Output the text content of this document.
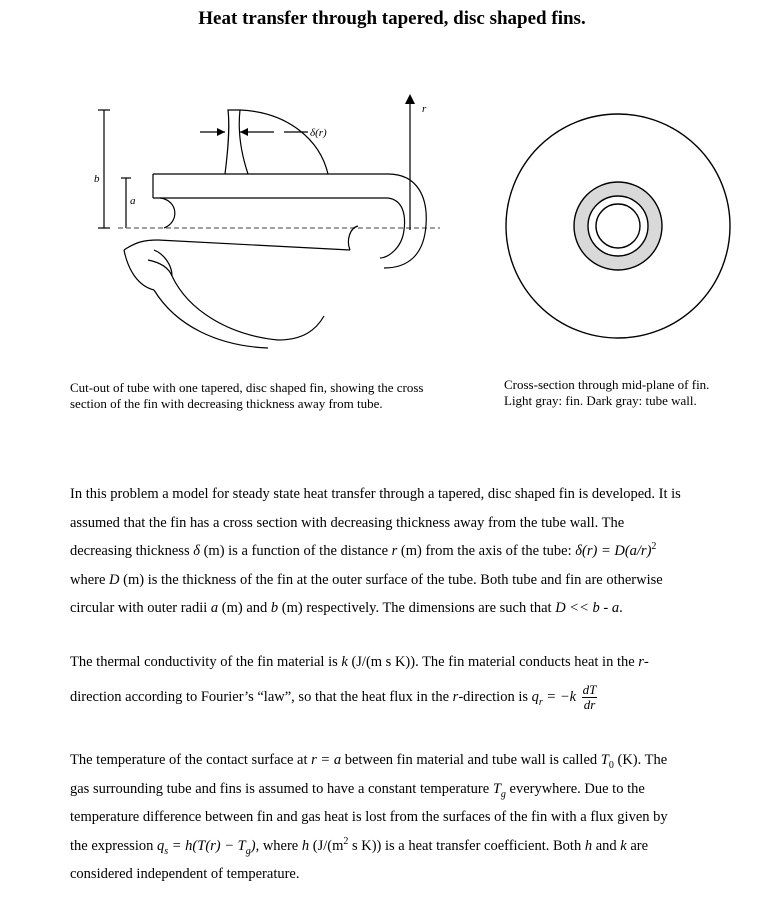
Heat transfer through tapered, disc shaped fins.
δ(r)
r
b
a
Cut-out of tube with one tapered, disc shaped fin, showing the cross
section of the fin with decreasing thickness away from tube.
Cross-section through mid-plane of fin.
Light gray: fin. Dark gray: tube wall.
In this problem a model for steady state heat transfer through a tapered, disc shaped fin is developed. It is
assumed that the fin has a cross section with decreasing thickness away from the tube wall. The
decreasing thickness δ (m) is a function of the distance r (m) from the axis of the tube: $\delta(r) = D(a/r)^2$
where D (m) is the thickness of the fin at the outer surface of the tube. Both tube and fin are otherwise
circular with outer radii a (m) and b (m) respectively. The dimensions are such that D << b - a.
The thermal conductivity of the fin material is k (J/(m s K)). The fin material conducts heat in the r-
direction according to Fourier’s “law”, so that the heat flux in the r-direction is $q_r = -k \frac{dT}{dr}$
The temperature of the contact surface at r = a between fin material and tube wall is called $T_0$ (K). The
gas surrounding tube and fins is assumed to have a constant temperature $T_g$ everywhere. Due to the
temperature difference between fin and gas heat is lost from the surfaces of the fin with a flux given by
the expression $q_s = h(T(r) - T_g)$, where h ($J/(m^2$ s K)) is a heat transfer coefficient. Both h and k are
considered independent of temperature.
